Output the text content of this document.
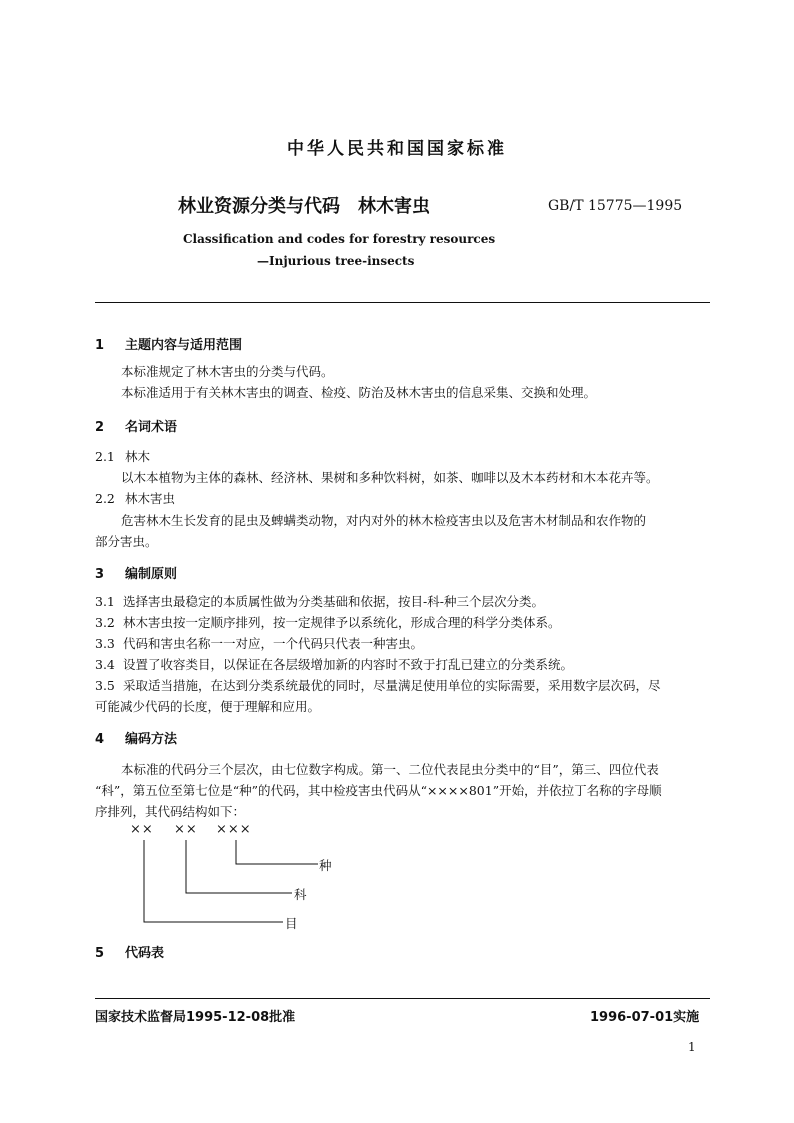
中华人民共和国国家标准
林业资源分类与代码　林木害虫	GB/T 15775—1995
Classification and codes for forestry resources
—Injurious tree-insects
1 主题内容与适用范围
本标准规定了林木害虫的分类与代码。
本标准适用于有关林木害虫的调查、检疫、防治及林木害虫的信息采集、交换和处理。
2 名词术语
2.1 林木
以木本植物为主体的森林、经济林、果树和多种饮料树，如茶、咖啡以及木本药材和木本花卉等。
2.2 林木害虫
危害林木生长发育的昆虫及蜱螨类动物，对内对外的林木检疫害虫以及危害木材制品和农作物的
部分害虫。
3 编制原则
3.1 选择害虫最稳定的本质属性做为分类基础和依据，按目-科-种三个层次分类。
3.2 林木害虫按一定顺序排列，按一定规律予以系统化，形成合理的科学分类体系。
3.3 代码和害虫名称一一对应，一个代码只代表一种害虫。
3.4 设置了收容类目，以保证在各层级增加新的内容时不致于打乱已建立的分类系统。
3.5 采取适当措施，在达到分类系统最优的同时，尽量满足使用单位的实际需要，采用数字层次码，尽
可能减少代码的长度，便于理解和应用。
4 编码方法
本标准的代码分三个层次，由七位数字构成。第一、二位代表昆虫分类中的“目”，第三、四位代表
“科”，第五位至第七位是“种”的代码，其中检疫害虫代码从“××××801”开始，并依拉丁名称的字母顺
序排列，其代码结构如下：
×× ×× ×××
种
科
目
5 代码表
国家技术监督局1995-12-08批准	1996-07-01实施
1
